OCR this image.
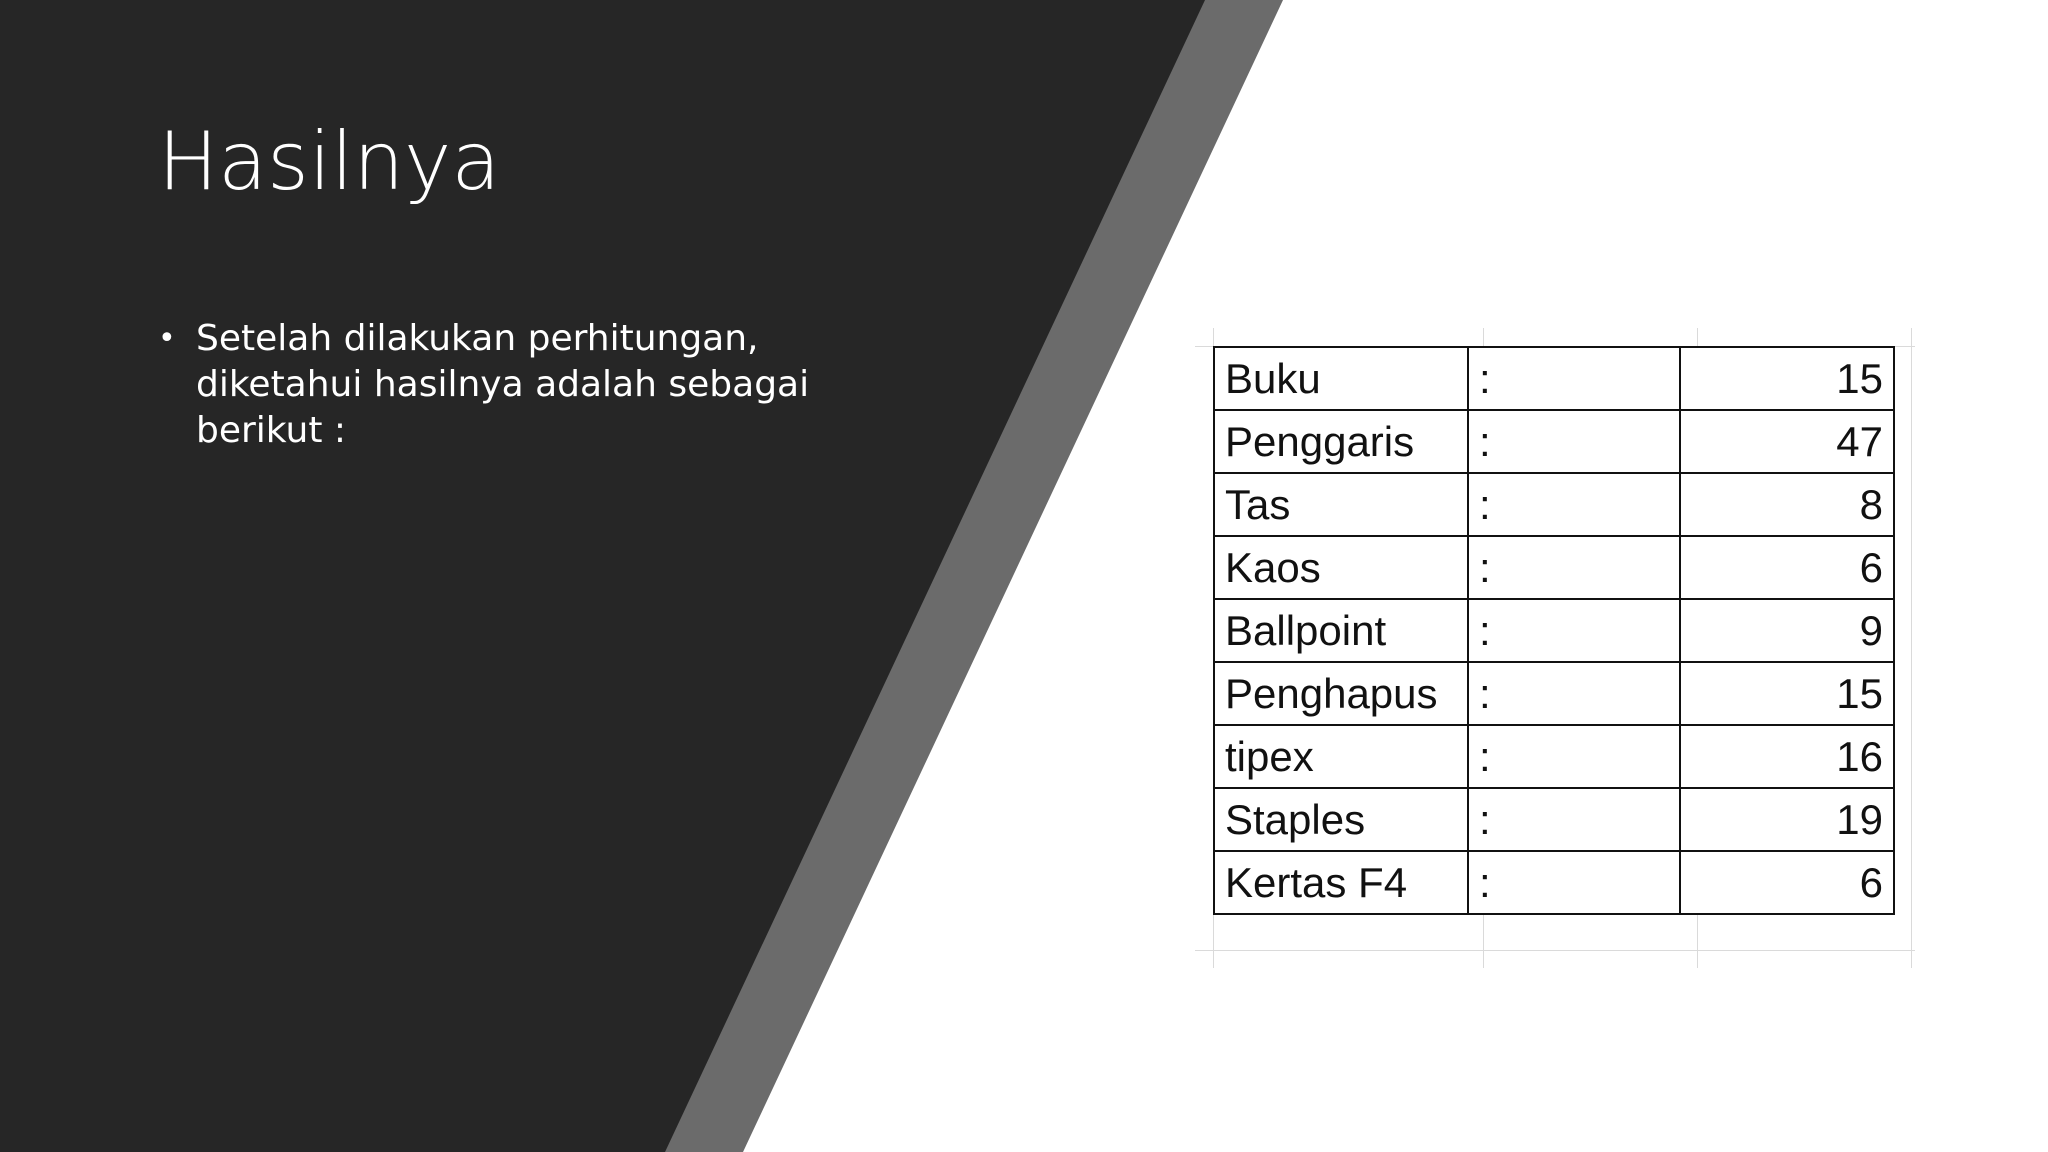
Hasilnya
• Setelah dilakukan perhitungan, diketahui hasilnya adalah sebagai berikut :
Buku	:	15
Penggaris	:	47
Tas	:	8
Kaos	:	6
Ballpoint	:	9
Penghapus	:	15
tipex	:	16
Staples	:	19
Kertas F4	:	6
